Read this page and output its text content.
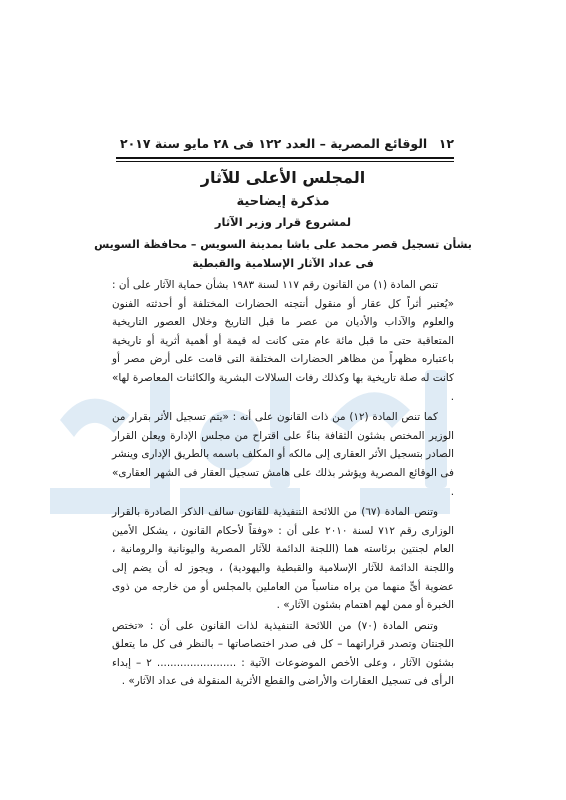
١٢
الوقائع المصرية – العدد ١٢٢ فى ٢٨ مايو سنة ٢٠١٧
المجلس الأعلى للآثار
مذكرة إيضاحية
لمشروع قرار وزير الآثار
بشأن تسجيل قصر محمد على باشا بمدينة السويس – محافظة السويس
فى عداد الآثار الإسلامية والقبطية

تنص المادة (١) من القانون رقم ١١٧ لسنة ١٩٨٣ بشأن حماية الآثار على أن : «يُعتبر أثراً كل عقار أو منقول أنتجته الحضارات المختلفة أو أحدثته الفنون والعلوم والآداب والأديان من عصر ما قبل التاريخ وخلال العصور التاريخية المتعاقبة حتى ما قبل مائة عام متى كانت له قيمة أو أهمية أثرية أو تاريخية باعتباره مظهراً من مظاهر الحضارات المختلفة التى قامت على أرض مصر أو كانت له صلة تاريخية بها وكذلك رفات السلالات البشرية والكائنات المعاصرة لها» .

كما تنص المادة (١٢) من ذات القانون على أنه : «يتم تسجيل الأثر بقرار من الوزير المختص بشئون الثقافة بناءً على اقتراح من مجلس الإدارة ويعلن القرار الصادر بتسجيل الأثر العقارى إلى مالكه أو المكلف باسمه بالطريق الإدارى وينشر فى الوقائع المصرية ويؤشر بذلك على هامش تسجيل العقار فى الشهر العقارى» .

وتنص المادة (٦٧) من اللائحة التنفيذية للقانون سالف الذكر الصادرة بالقرار الوزارى رقم ٧١٢ لسنة ٢٠١٠ على أن : «وفقاً لأحكام القانون ، يشكل الأمين العام لجنتين برئاسته هما (اللجنة الدائمة للآثار المصرية واليونانية والرومانية ، واللجنة الدائمة للآثار الإسلامية والقبطية واليهودية) ، ويجوز له أن يضم إلى عضوية أىٍّ منهما من يراه مناسباً من العاملين بالمجلس أو من خارجه من ذوى الخبرة أو ممن لهم اهتمام بشئون الآثار» .

وتنص المادة (٧٠) من اللائحة التنفيذية لذات القانون على أن : «تختص اللجنتان وتصدر قراراتهما – كل فى صدر اختصاصاتها – بالنظر فى كل ما يتعلق بشئون الآثار ، وعلى الأخص الموضوعات الآتية : ........................ ٢ – إبداء الرأى فى تسجيل العقارات والأراضى والقطع الأثرية المنقولة فى عداد الآثار» .
